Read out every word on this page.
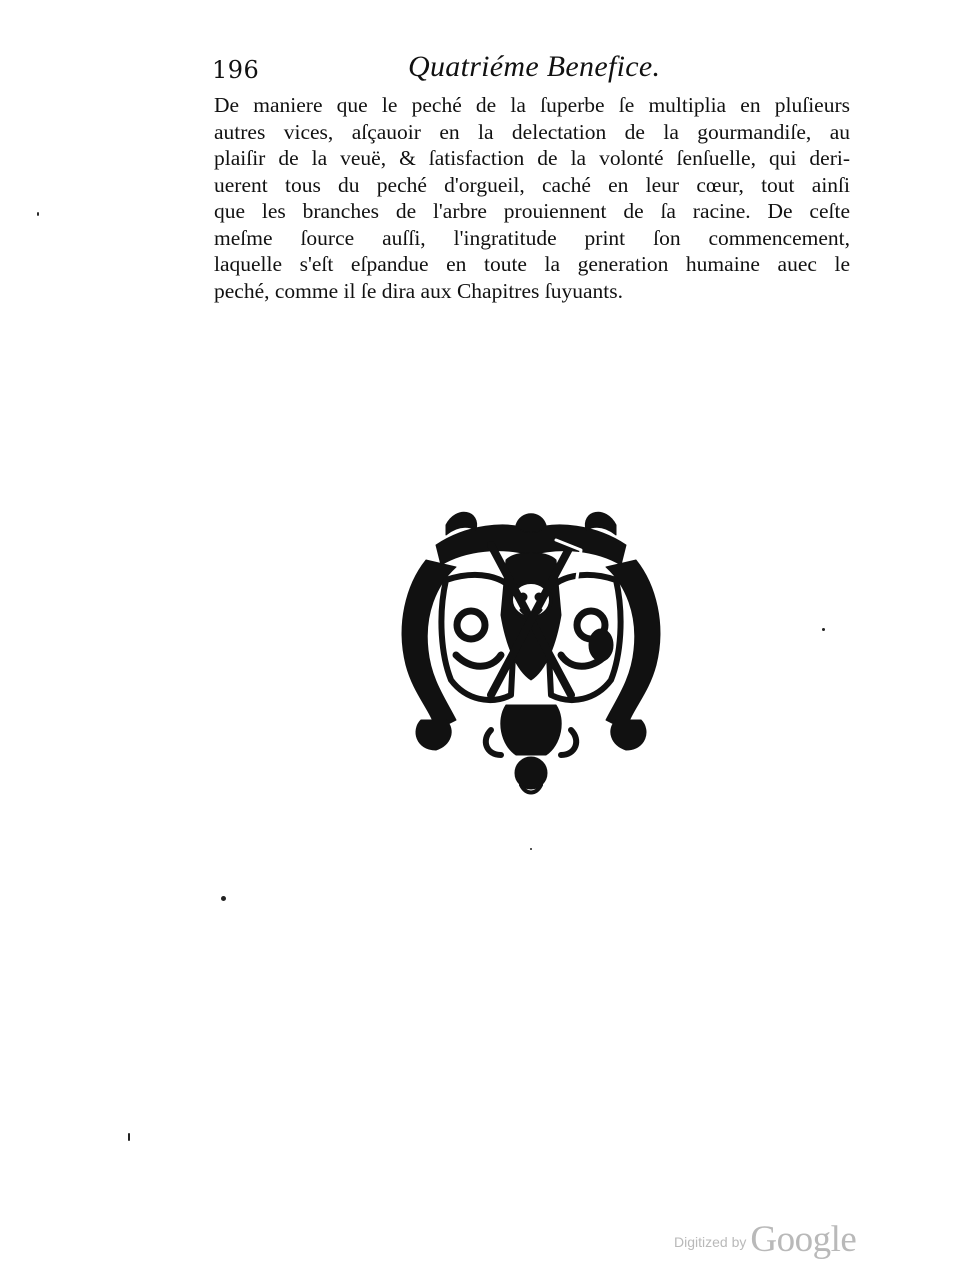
196	Quatriéme Benefice.
De maniere que le peché de la ſuperbe ſe multiplia en pluſieurs
autres vices, aſçauoir en la delectation de la gourmandiſe, au
plaiſir de la veuë, & ſatisfaction de la volonté ſenſuelle, qui deri-
uerent tous du peché d'orgueil, caché en leur cœur, tout ainſi
que les branches de l'arbre prouiennent de ſa racine. De ceſte
meſme ſource auſſi, l'ingratitude print ſon commencement,
laquelle s'eſt eſpandue en toute la generation humaine auec le
peché, comme il ſe dira aux Chapitres ſuyuants.
Digitized by Google
